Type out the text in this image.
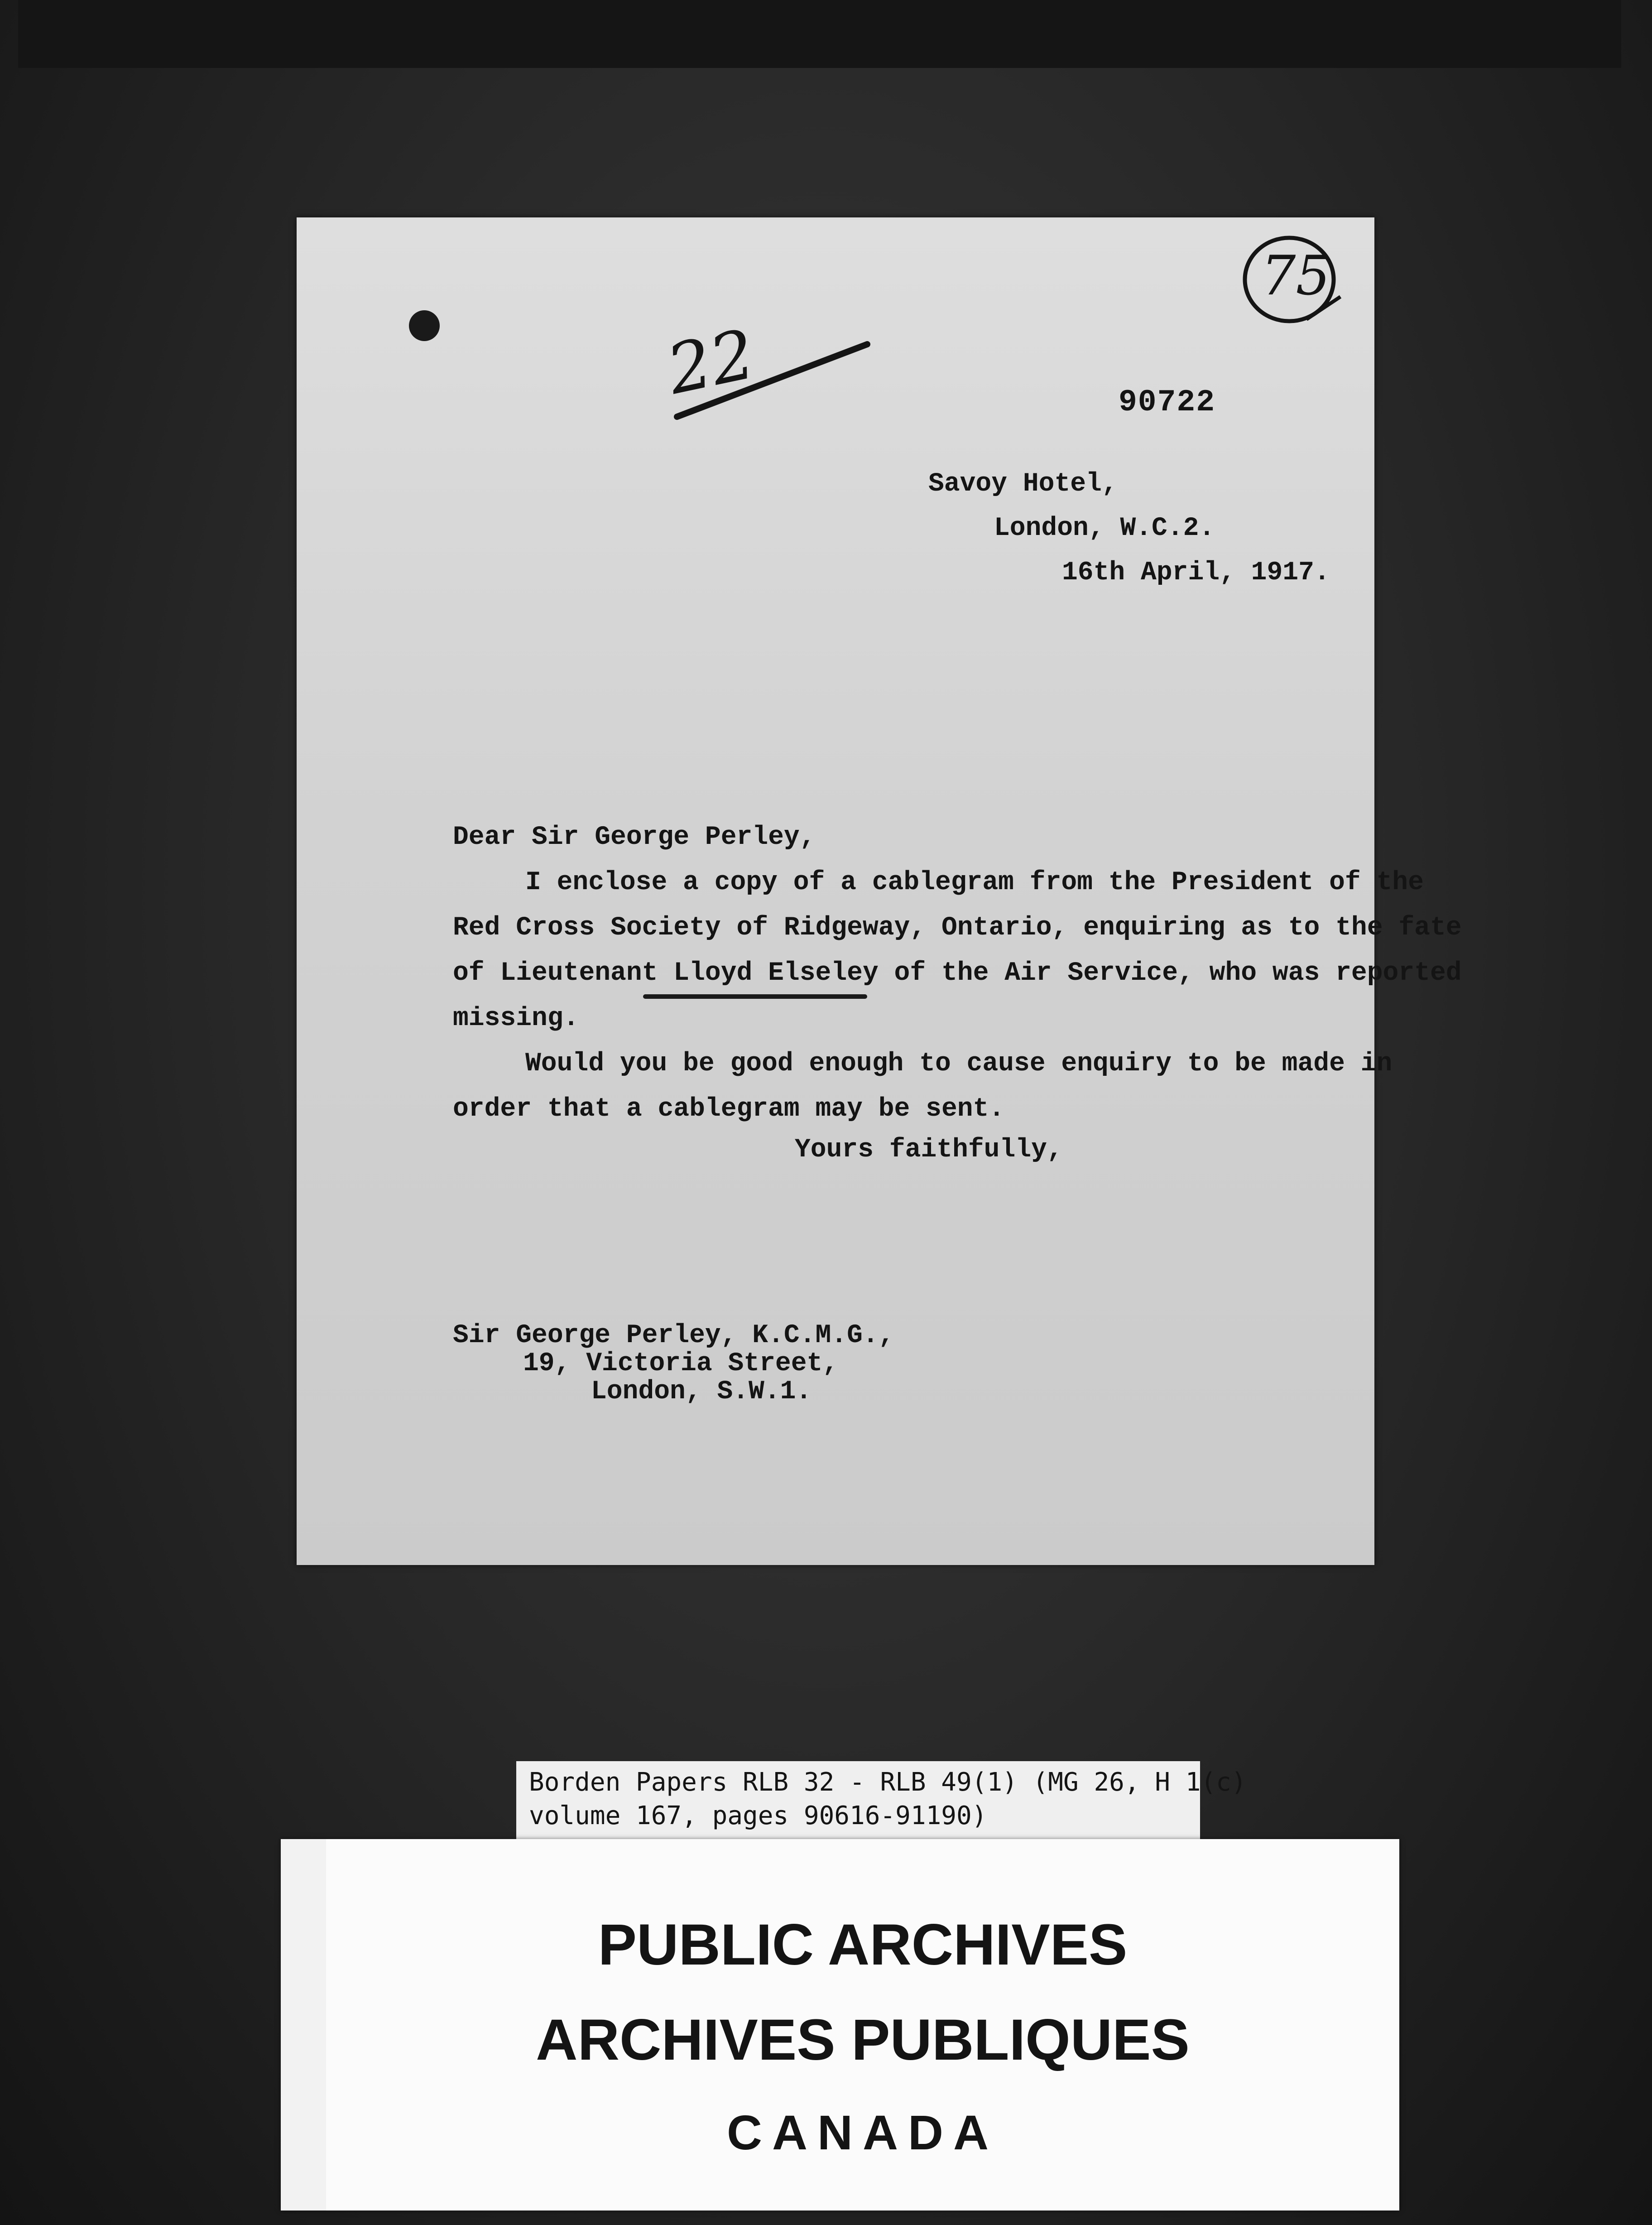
75
22	90722
Savoy Hotel,
London, W.C.2.
16th April, 1917.
Dear Sir George Perley,
I enclose a copy of a cablegram from the President of the
Red Cross Society of Ridgeway, Ontario, enquiring as to the fate
of Lieutenant Lloyd Elseley of the Air Service, who was reported
missing.
Would you be good enough to cause enquiry to be made in
order that a cablegram may be sent.
Yours faithfully,
Sir George Perley, K.C.M.G.,
19, Victoria Street,
London, S.W.1.
Borden Papers RLB 32 - RLB 49(1) (MG 26, H 1(c)
volume 167, pages 90616-91190)
PUBLIC ARCHIVES
ARCHIVES PUBLIQUES
CANADA
